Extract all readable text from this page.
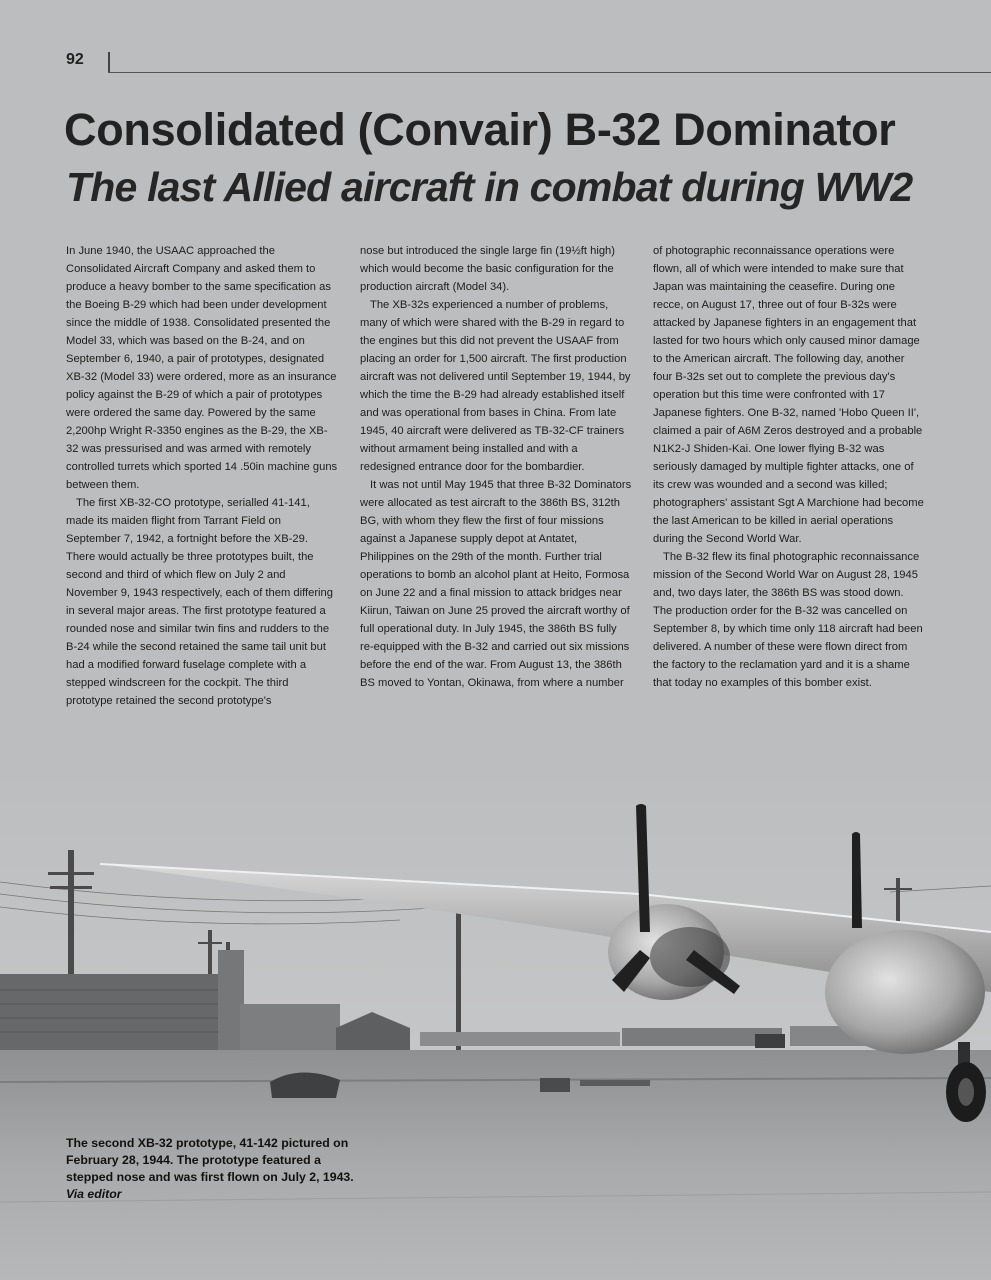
92
Consolidated (Convair) B-32 Dominator
The last Allied aircraft in combat during WW2

In June 1940, the USAAC approached the Consolidated Aircraft Company and asked them to produce a heavy bomber to the same specification as the Boeing B-29 which had been under development since the middle of 1938. Consolidated presented the Model 33, which was based on the B-24, and on September 6, 1940, a pair of prototypes, designated XB-32 (Model 33) were ordered, more as an insurance policy against the B-29 of which a pair of prototypes were ordered the same day. Powered by the same 2,200hp Wright R-3350 engines as the B-29, the XB-32 was pressurised and was armed with remotely controlled turrets which sported 14 .50in machine guns between them.

The first XB-32-CO prototype, serialled 41-141, made its maiden flight from Tarrant Field on September 7, 1942, a fortnight before the XB-29. There would actually be three prototypes built, the second and third of which flew on July 2 and November 9, 1943 respectively, each of them differing in several major areas. The first prototype featured a rounded nose and similar twin fins and rudders to the B-24 while the second retained the same tail unit but had a modified forward fuselage complete with a stepped windscreen for the cockpit. The third prototype retained the second prototype's

nose but introduced the single large fin (19½ft high) which would become the basic configuration for the production aircraft (Model 34).

The XB-32s experienced a number of problems, many of which were shared with the B-29 in regard to the engines but this did not prevent the USAAF from placing an order for 1,500 aircraft. The first production aircraft was not delivered until September 19, 1944, by which the time the B-29 had already established itself and was operational from bases in China. From late 1945, 40 aircraft were delivered as TB-32-CF trainers without armament being installed and with a redesigned entrance door for the bombardier.

It was not until May 1945 that three B-32 Dominators were allocated as test aircraft to the 386th BS, 312th BG, with whom they flew the first of four missions against a Japanese supply depot at Antatet, Philippines on the 29th of the month. Further trial operations to bomb an alcohol plant at Heito, Formosa on June 22 and a final mission to attack bridges near Kiirun, Taiwan on June 25 proved the aircraft worthy of full operational duty. In July 1945, the 386th BS fully re-equipped with the B-32 and carried out six missions before the end of the war. From August 13, the 386th BS moved to Yontan, Okinawa, from where a number

of photographic reconnaissance operations were flown, all of which were intended to make sure that Japan was maintaining the ceasefire. During one recce, on August 17, three out of four B-32s were attacked by Japanese fighters in an engagement that lasted for two hours which only caused minor damage to the American aircraft. The following day, another four B-32s set out to complete the previous day's operation but this time were confronted with 17 Japanese fighters. One B-32, named 'Hobo Queen II', claimed a pair of A6M Zeros destroyed and a probable N1K2-J Shiden-Kai. One lower flying B-32 was seriously damaged by multiple fighter attacks, one of its crew was wounded and a second was killed; photographers' assistant Sgt A Marchione had become the last American to be killed in aerial operations during the Second World War.

The B-32 flew its final photographic reconnaissance mission of the Second World War on August 28, 1945 and, two days later, the 386th BS was stood down. The production order for the B-32 was cancelled on September 8, by which time only 118 aircraft had been delivered. A number of these were flown direct from the factory to the reclamation yard and it is a shame that today no examples of this bomber exist.

The second XB-32 prototype, 41-142 pictured on February 28, 1944. The prototype featured a stepped nose and was first flown on July 2, 1943.
Via editor
